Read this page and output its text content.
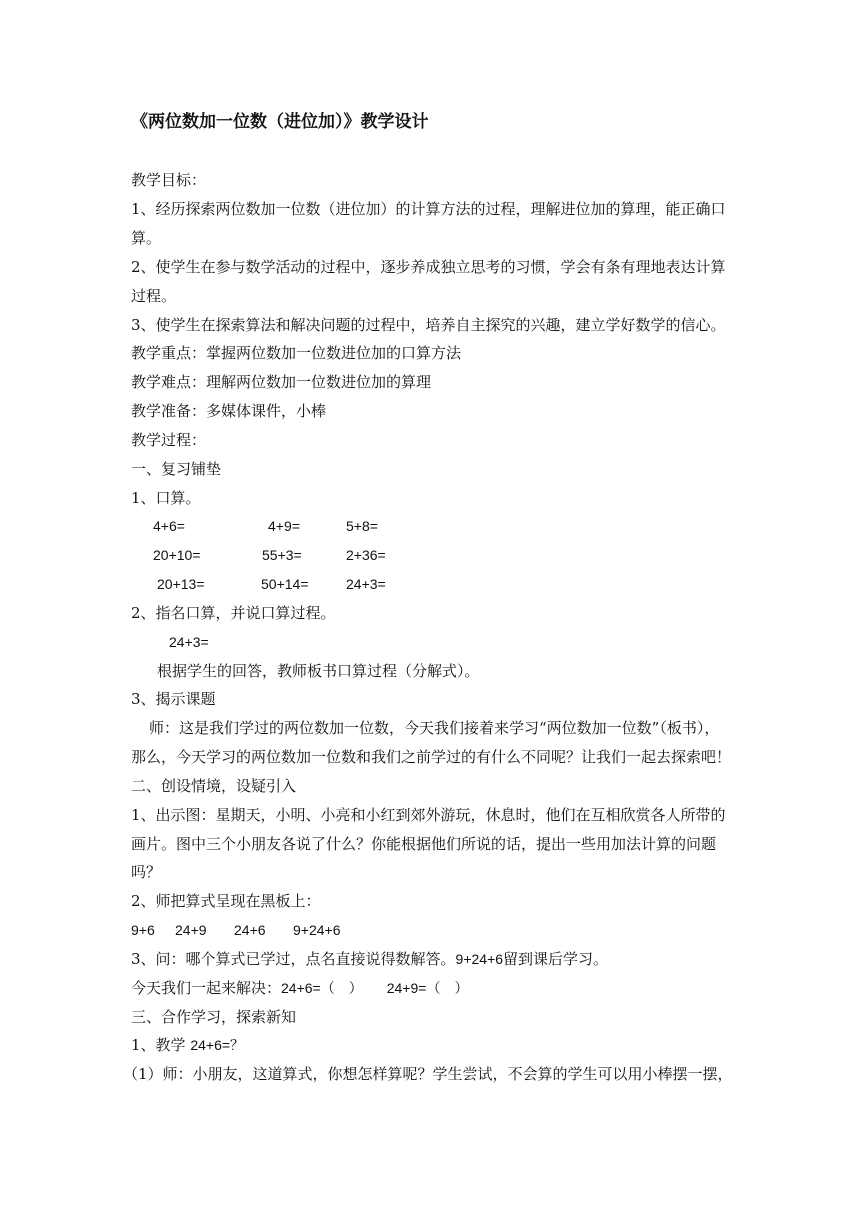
《两位数加一位数（进位加）》教学设计
教学目标：
1、经历探索两位数加一位数（进位加）的计算方法的过程，理解进位加的算理，能正确口
算。
2、使学生在参与数学活动的过程中，逐步养成独立思考的习惯，学会有条有理地表达计算
过程。
3、使学生在探索算法和解决问题的过程中，培养自主探究的兴趣，建立学好数学的信心。
教学重点：掌握两位数加一位数进位加的口算方法
教学难点：理解两位数加一位数进位加的算理
教学准备：多媒体课件，小棒
教学过程：
一、复习铺垫
1、口算。
4+6=	4+9=	5+8=
20+10=	55+3=	2+36=
20+13=	50+14=	24+3=
2、指名口算，并说口算过程。
24+3=
根据学生的回答，教师板书口算过程（分解式）。
3、揭示课题
师：这是我们学过的两位数加一位数，今天我们接着来学习“两位数加一位数”（板书），
那么，今天学习的两位数加一位数和我们之前学过的有什么不同呢？让我们一起去探索吧！
二、创设情境，设疑引入
1、出示图：星期天，小明、小亮和小红到郊外游玩，休息时，他们在互相欣赏各人所带的
画片。图中三个小朋友各说了什么？你能根据他们所说的话，提出一些用加法计算的问题
吗？
2、师把算式呈现在黑板上：
9+6 24+9 24+6 9+24+6
3、问：哪个算式已学过，点名直接说得数解答。9+24+6留到课后学习。
今天我们一起来解决：24+6=（　） 24+9=（　）
三、合作学习，探索新知
1、教学 24+6=？
（1）师：小朋友，这道算式，你想怎样算呢？学生尝试，不会算的学生可以用小棒摆一摆，
